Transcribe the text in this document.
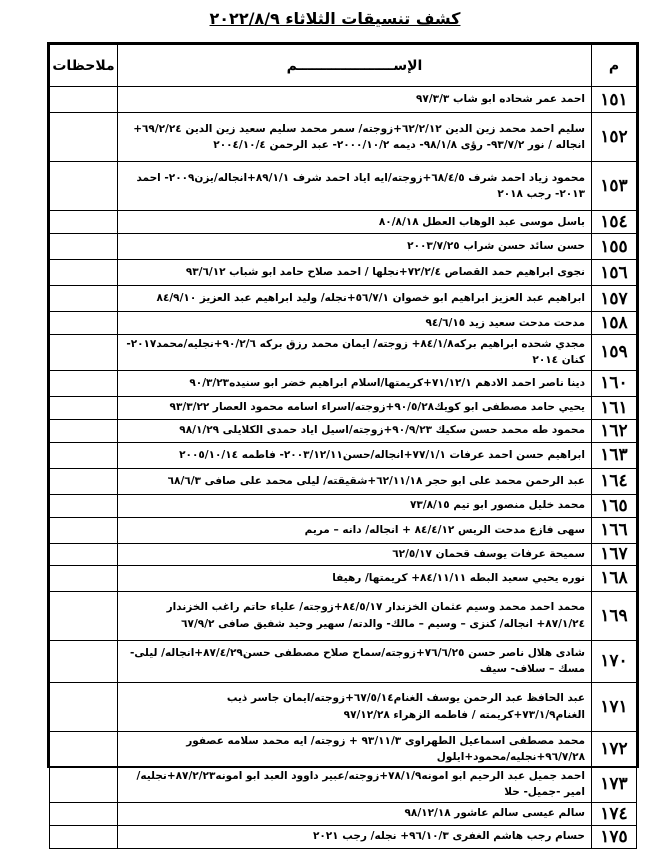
كشف تنسيقات الثلاثاء ٢٠٢٢/٨/٩
م	الإســــــــــــــــــــم	ملاحظات
١٥١	احمد عمر شحاده ابو شاب ٩٧/٣/٣	
١٥٢	سليم احمد محمد زين الدين ٦٢/٢/١٢+زوجته/ سمر محمد سليم سعيد زين الدين ٦٩/٢/٢٤+ انجاله / نور ٩٣/٧/٢- رؤى ٩٨/١/٨- ديمه ٢٠٠٠/١٠/٢- عبد الرحمن ٢٠٠٤/١٠/٤	
١٥٣	محمود زياد احمد شرف ٦٨/٤/٥+زوجته/ايه اياد احمد شرف ٨٩/١/١+انجاله/يزن٢٠٠٩- احمد ٢٠١٣- رجب ٢٠١٨	
١٥٤	باسل موسى عبد الوهاب العطل ٨٠/٨/١٨	
١٥٥	حسن سائد حسن شراب ٢٠٠٣/٧/٢٥	
١٥٦	نجوى ابراهيم حمد القصاص ٧٢/٢/٤+نجلها / احمد صلاح حامد ابو شباب ٩٣/٦/١٢	
١٥٧	ابراهيم عبد العزيز ابراهيم ابو خصوان ٥٦/٧/١+نجله/ وليد ابراهيم عبد العزيز ٨٤/٩/١٠	
١٥٨	مدحت مدحت سعيد زيد ٩٤/٦/١٥	
١٥٩	مجدي شحده ابراهيم بركه٨٤/١/٨+ زوجته/ ايمان محمد رزق بركه ٩٠/٢/٦+نجليه/محمد٢٠١٧- كنان ٢٠١٤	
١٦٠	دينا ناصر احمد الادهم ٧١/١٢/١+كريمتها/اسلام ابراهيم خضر ابو سنيده٩٠/٣/٢٣	
١٦١	يحيي حامد مصطفى ابو كويك٩٠/٥/٢٨+زوجته/اسراء اسامه محمود العصار ٩٣/٣/٢٢	
١٦٢	محمود طه محمد حسن سكيك ٩٠/٩/٢٣+زوجته/اسيل اياد حمدى الكلايلى ٩٨/١/٢٩	
١٦٣	ابراهيم حسن احمد عرفات ٧٧/١/١+انجاله/حسن٢٠٠٣/١٢/١١- فاطمه ٢٠٠٥/١٠/١٤	
١٦٤	عبد الرحمن محمد على ابو حجر ٦٢/١١/١٨+شقيقته/ ليلى محمد على صافى ٦٨/٦/٣	
١٦٥	محمد خليل منصور ابو تيم ٧٣/٨/١٥	
١٦٦	سهى فازع مدحت الريس ٨٤/٤/١٢ + انجاله/ دانه – مريم	
١٦٧	سميحة عرفات يوسف قحمان ٦٢/٥/١٧	
١٦٨	نوره يحيي سعيد البطه ٨٤/١١/١١+ كريمتها/ رهيفا	
١٦٩	محمد احمد محمد وسيم عثمان الخزندار ٨٤/٥/١٧+زوجته/ علياء حاتم راغب الخزندار ٨٧/١/٢٤+ انجاله/ كنزى – وسيم – مالك- والدته/ سهير وحيد شفيق صافى ٦٧/٩/٢	
١٧٠	شادى هلال ناصر حسن ٧٦/٦/٢٥+زوجته/سماح صلاح مصطفى حسن٨٧/٤/٢٩+انجاله/ ليلى- مسك – سلاف- سيف	
١٧١	عبد الحافظ عبد الرحمن يوسف الغنام٦٧/٥/١٤+زوجته/ايمان جاسر ذيب الغنام٧٣/١/٩+كريمته / فاطمه الزهراء ٩٧/١٢/٢٨	
١٧٢	محمد مصطفى اسماعيل الطهراوى ٩٣/١١/٣ + زوجته/ ايه محمد سلامه عصفور ٩٦/٧/٢٨+نجليه/محمود+ايلول	
١٧٣	احمد جميل عبد الرحيم ابو امونه٧٨/١/٩+زوجته/عبير داوود العبد ابو امونه٨٧/٢/٢٣+نجليه/ امير -جميل- حلا	
١٧٤	سالم عيسى سالم عاشور ٩٨/١٢/١٨	
١٧٥	حسام رجب هاشم الغفرى ٩٦/١٠/٣+ نجله/ رجب ٢٠٢١	
